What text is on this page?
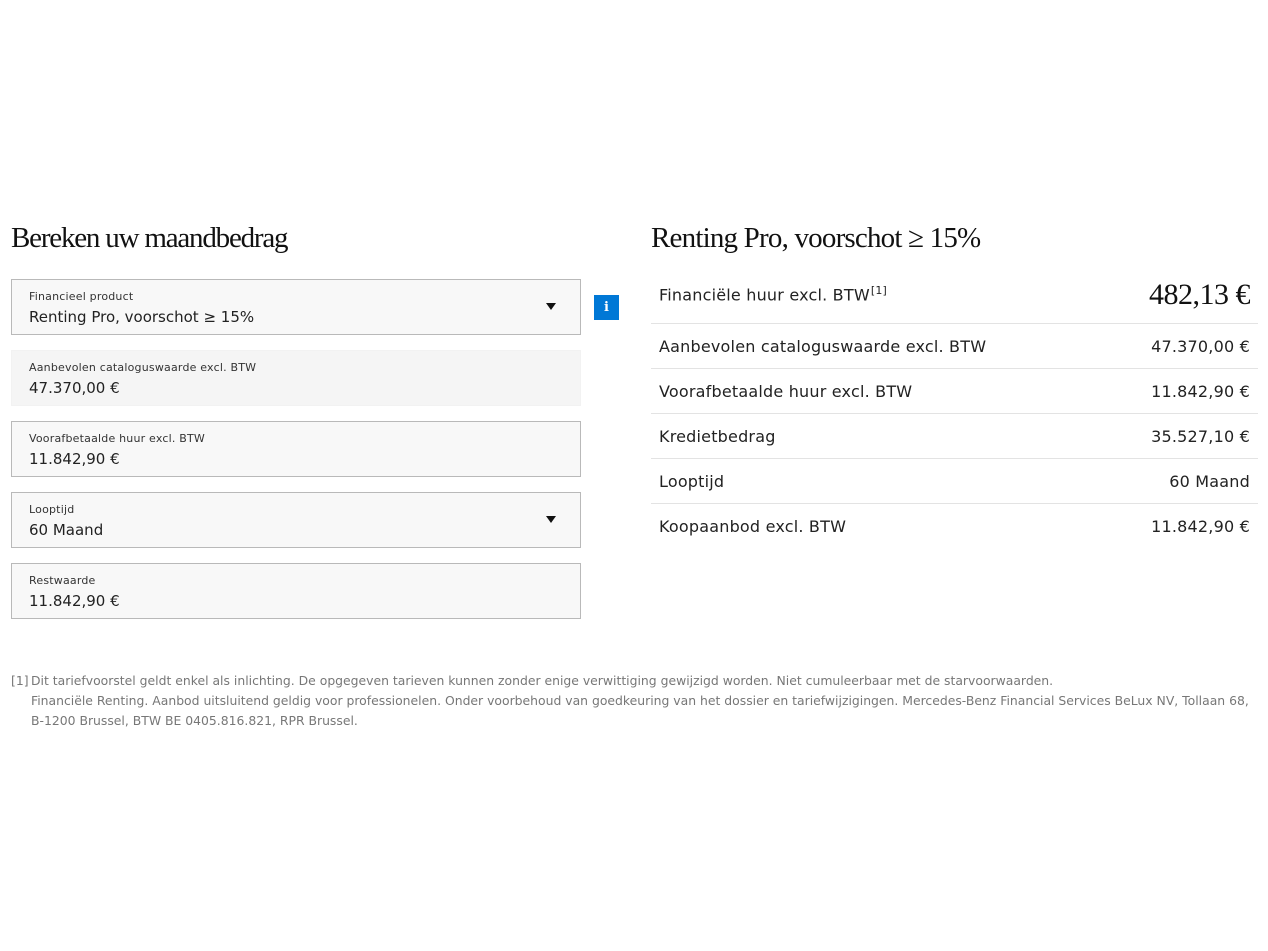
Bereken uw maandbedrag
Financieel product
Renting Pro, voorschot ≥ 15%
i
Aanbevolen cataloguswaarde excl. BTW
47.370,00 €
Voorafbetaalde huur excl. BTW
11.842,90 €
Looptijd
60 Maand
Restwaarde
11.842,90 €
Renting Pro, voorschot ≥ 15%
Financiële huur excl. BTW[1]	482,13 €
Aanbevolen cataloguswaarde excl. BTW	47.370,00 €
Voorafbetaalde huur excl. BTW	11.842,90 €
Kredietbedrag	35.527,10 €
Looptijd	60 Maand
Koopaanbod excl. BTW	11.842,90 €
[1] Dit tariefvoorstel geldt enkel als inlichting. De opgegeven tarieven kunnen zonder enige verwittiging gewijzigd worden. Niet cumuleerbaar met de starvoorwaarden.
Financiële Renting. Aanbod uitsluitend geldig voor professionelen. Onder voorbehoud van goedkeuring van het dossier en tariefwijzigingen. Mercedes-Benz Financial Services BeLux NV, Tollaan 68, B-1200 Brussel, BTW BE 0405.816.821, RPR Brussel.
